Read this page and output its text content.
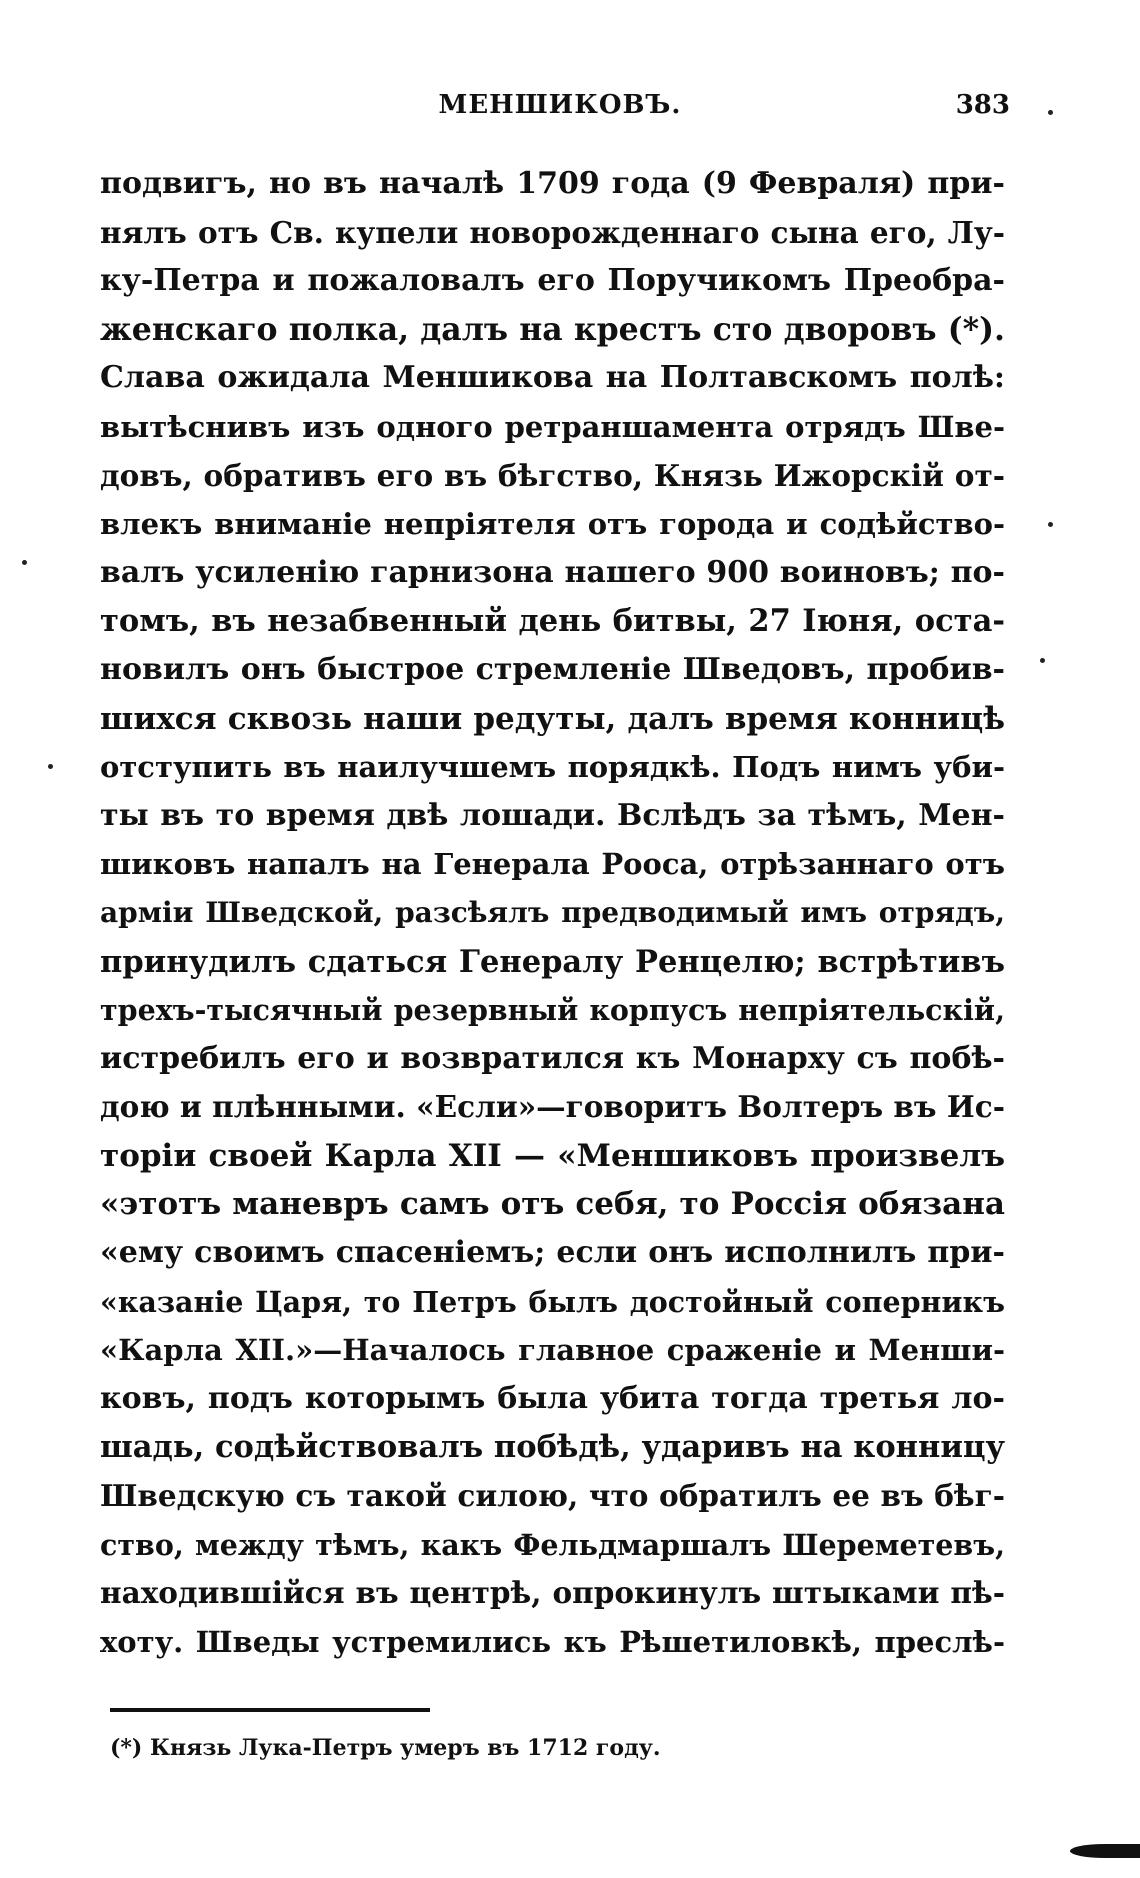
МЕНШИКОВЪ.	383
подвигъ, но въ началѣ 1709 года (9 Февраля) при-
нялъ отъ Св. купели новорожденнаго сына его, Лу-
ку-Петра и пожаловалъ его Поручикомъ Преобра-
женскаго полка, далъ на крестъ сто дворовъ (*).
Слава ожидала Меншикова на Полтавскомъ полѣ:
вытѣснивъ изъ одного ретраншамента отрядъ Шве-
довъ, обративъ его въ бѣгство, Князь Ижорскій от-
влекъ вниманіе непріятеля отъ города и содѣйство-
валъ усиленію гарнизона нашего 900 воиновъ; по-
томъ, въ незабвенный день битвы, 27 Іюня, оста-
новилъ онъ быстрое стремленіе Шведовъ, пробив-
шихся сквозь наши редуты, далъ время конницѣ
отступить въ наилучшемъ порядкѣ. Подъ нимъ уби-
ты въ то время двѣ лошади. Вслѣдъ за тѣмъ, Мен-
шиковъ напалъ на Генерала Рооса, отрѣзаннаго отъ
арміи Шведской, разсѣялъ предводимый имъ отрядъ,
принудилъ сдаться Генералу Ренцелю; встрѣтивъ
трехъ-тысячный резервный корпусъ непріятельскій,
истребилъ его и возвратился къ Монарху съ побѣ-
дою и плѣнными. «Если»—говоритъ Волтеръ въ Ис-
торіи своей Карла XII — «Меншиковъ произвелъ
«этотъ маневръ самъ отъ себя, то Россія обязана
«ему своимъ спасеніемъ; если онъ исполнилъ при-
«казаніе Царя, то Петръ былъ достойный соперникъ
«Карла XII.»—Началось главное сраженіе и Менши-
ковъ, подъ которымъ была убита тогда третья ло-
шадь, содѣйствовалъ побѣдѣ, ударивъ на конницу
Шведскую съ такой силою, что обратилъ ее въ бѣг-
ство, между тѣмъ, какъ Фельдмаршалъ Шереметевъ,
находившійся въ центрѣ, опрокинулъ штыками пѣ-
хоту. Шведы устремились къ Рѣшетиловкѣ, преслѣ-
(*) Князь Лука-Петръ умеръ въ 1712 году.
